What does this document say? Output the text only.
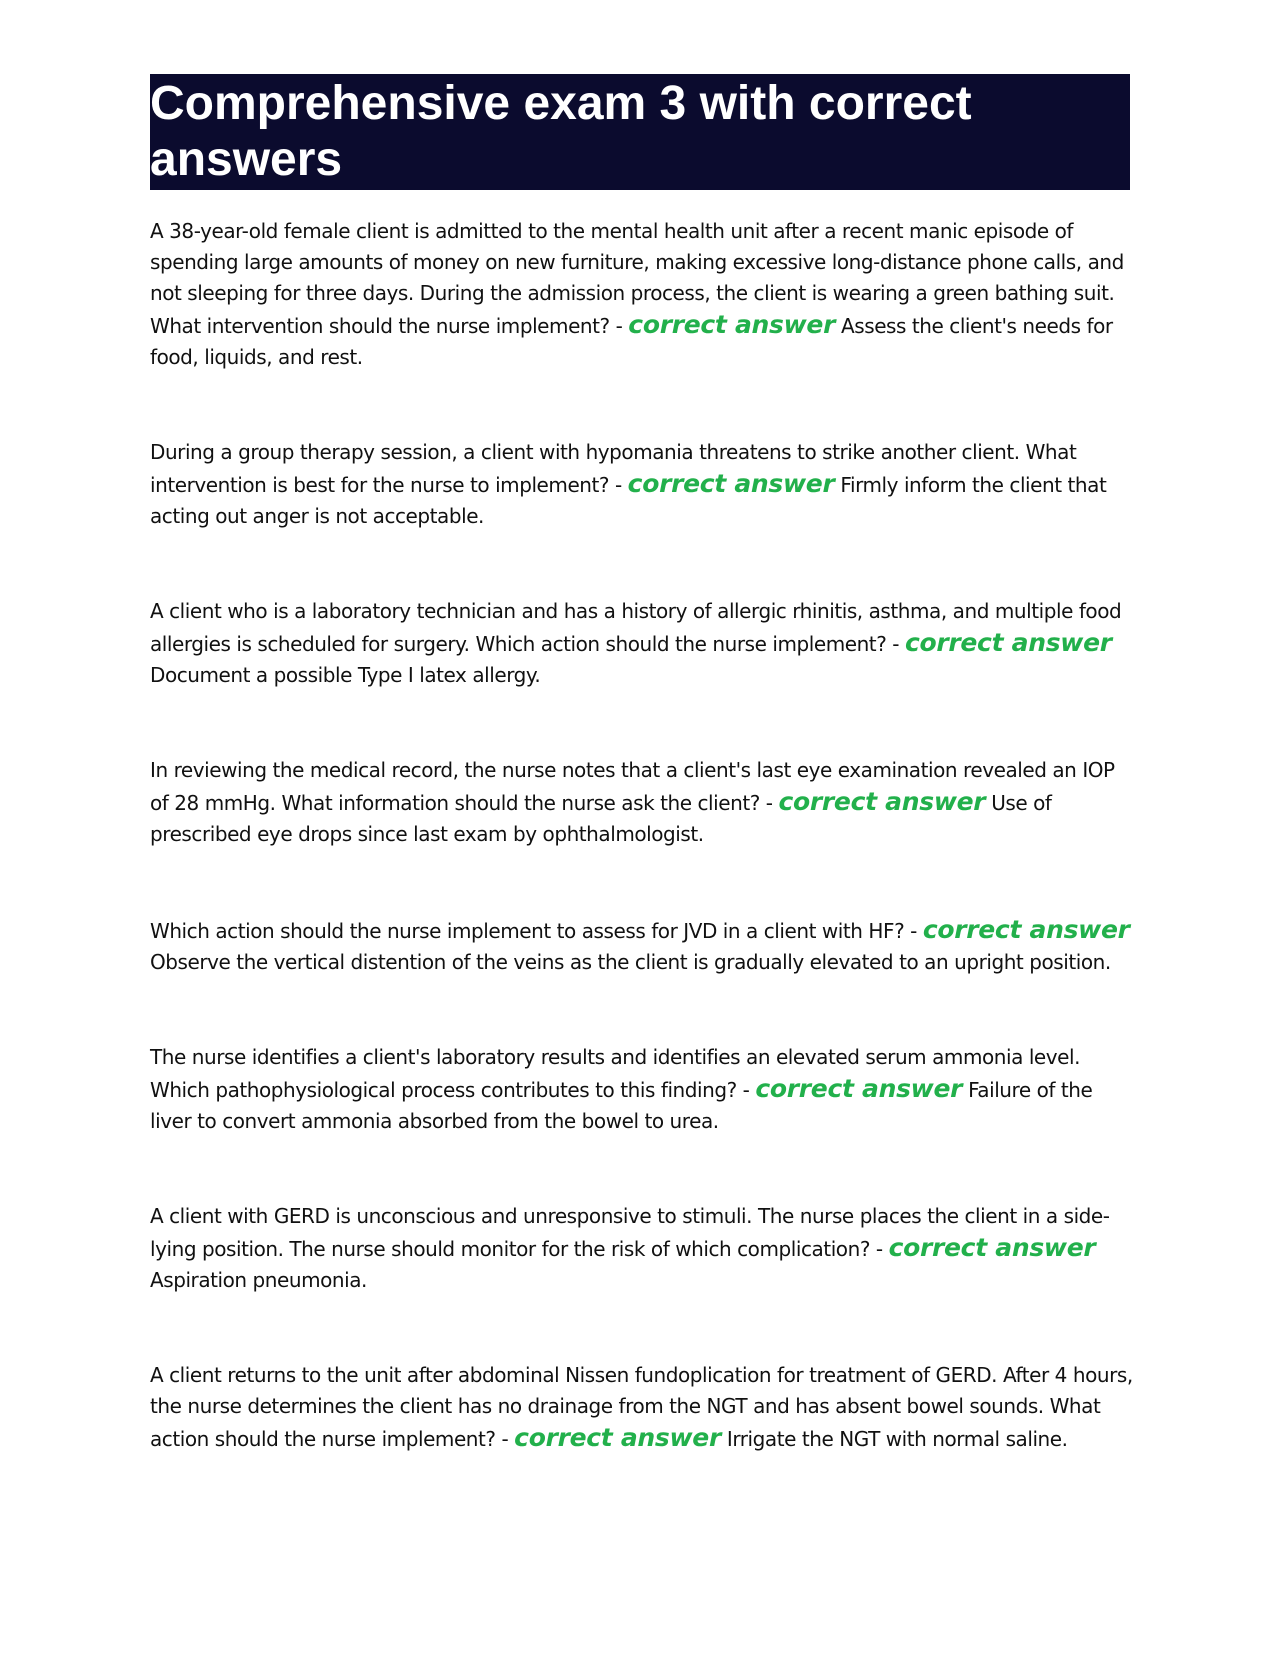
Comprehensive exam 3 with correct answers

A 38-year-old female client is admitted to the mental health unit after a recent manic episode of spending large amounts of money on new furniture, making excessive long-distance phone calls, and not sleeping for three days. During the admission process, the client is wearing a green bathing suit. What intervention should the nurse implement? - correct answer Assess the client's needs for food, liquids, and rest.

During a group therapy session, a client with hypomania threatens to strike another client. What intervention is best for the nurse to implement? - correct answer Firmly inform the client that acting out anger is not acceptable.

A client who is a laboratory technician and has a history of allergic rhinitis, asthma, and multiple food allergies is scheduled for surgery. Which action should the nurse implement? - correct answer Document a possible Type I latex allergy.

In reviewing the medical record, the nurse notes that a client's last eye examination revealed an IOP of 28 mmHg. What information should the nurse ask the client? - correct answer Use of prescribed eye drops since last exam by ophthalmologist.

Which action should the nurse implement to assess for JVD in a client with HF? - correct answer Observe the vertical distention of the veins as the client is gradually elevated to an upright position.

The nurse identifies a client's laboratory results and identifies an elevated serum ammonia level. Which pathophysiological process contributes to this finding? - correct answer Failure of the liver to convert ammonia absorbed from the bowel to urea.

A client with GERD is unconscious and unresponsive to stimuli. The nurse places the client in a side-lying position. The nurse should monitor for the risk of which complication? - correct answer Aspiration pneumonia.

A client returns to the unit after abdominal Nissen fundoplication for treatment of GERD. After 4 hours, the nurse determines the client has no drainage from the NGT and has absent bowel sounds. What action should the nurse implement? - correct answer Irrigate the NGT with normal saline.
